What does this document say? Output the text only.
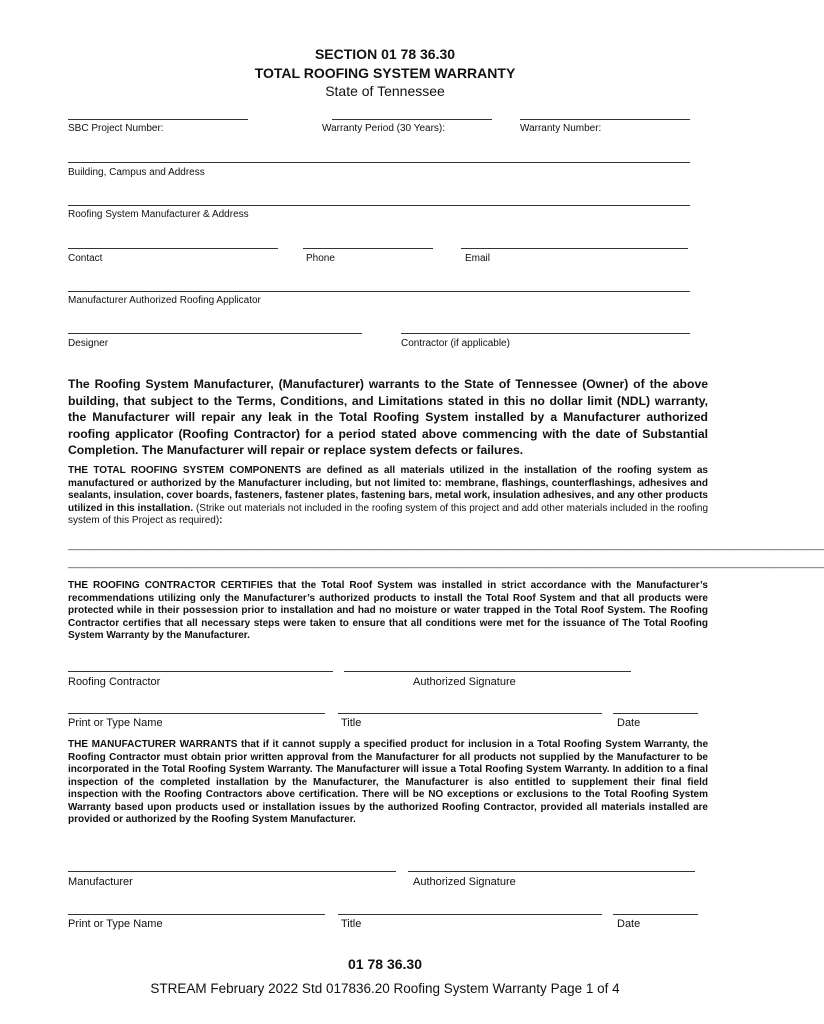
SECTION 01 78 36.30
TOTAL ROOFING SYSTEM WARRANTY
State of Tennessee
SBC Project Number:	Warranty Period (30 Years):	Warranty Number:
Building, Campus and Address
Roofing System Manufacturer & Address
Contact	Phone	Email
Manufacturer Authorized Roofing Applicator
Designer	Contractor (if applicable)
The Roofing System Manufacturer, (Manufacturer) warrants to the State of Tennessee (Owner) of the above building, that subject to the Terms, Conditions, and Limitations stated in this no dollar limit (NDL) warranty, the Manufacturer will repair any leak in the Total Roofing System installed by a Manufacturer authorized roofing applicator (Roofing Contractor) for a period stated above commencing with the date of Substantial Completion. The Manufacturer will repair or replace system defects or failures.
THE TOTAL ROOFING SYSTEM COMPONENTS are defined as all materials utilized in the installation of the roofing system as manufactured or authorized by the Manufacturer including, but not limited to: membrane, flashings, counterflashings, adhesives and sealants, insulation, cover boards, fasteners, fastener plates, fastening bars, metal work, insulation adhesives, and any other products utilized in this installation. (Strike out materials not included in the roofing system of this project and add other materials included in the roofing system of this Project as required):
________________________________________________________________________________________________________________________________________
________________________________________________________________________________________________________________________________________
THE ROOFING CONTRACTOR CERTIFIES that the Total Roof System was installed in strict accordance with the Manufacturer’s recommendations utilizing only the Manufacturer’s authorized products to install the Total Roof System and that all products were protected while in their possession prior to installation and had no moisture or water trapped in the Total Roof System. The Roofing Contractor certifies that all necessary steps were taken to ensure that all conditions were met for the issuance of The Total Roofing System Warranty by the Manufacturer.
Roofing Contractor	Authorized Signature
Print or Type Name	Title	Date
THE MANUFACTURER WARRANTS that if it cannot supply a specified product for inclusion in a Total Roofing System Warranty, the Roofing Contractor must obtain prior written approval from the Manufacturer for all products not supplied by the Manufacturer to be incorporated in the Total Roofing System Warranty. The Manufacturer will issue a Total Roofing System Warranty. In addition to a final inspection of the completed installation by the Manufacturer, the Manufacturer is also entitled to supplement their final field inspection with the Roofing Contractors above certification. There will be NO exceptions or exclusions to the Total Roofing System Warranty based upon products used or installation issues by the authorized Roofing Contractor, provided all materials installed are provided or authorized by the Roofing System Manufacturer.
Manufacturer	Authorized Signature
Print or Type Name	Title	Date
01 78 36.30
STREAM February 2022 Std 017836.20 Roofing System Warranty Page 1 of 4
